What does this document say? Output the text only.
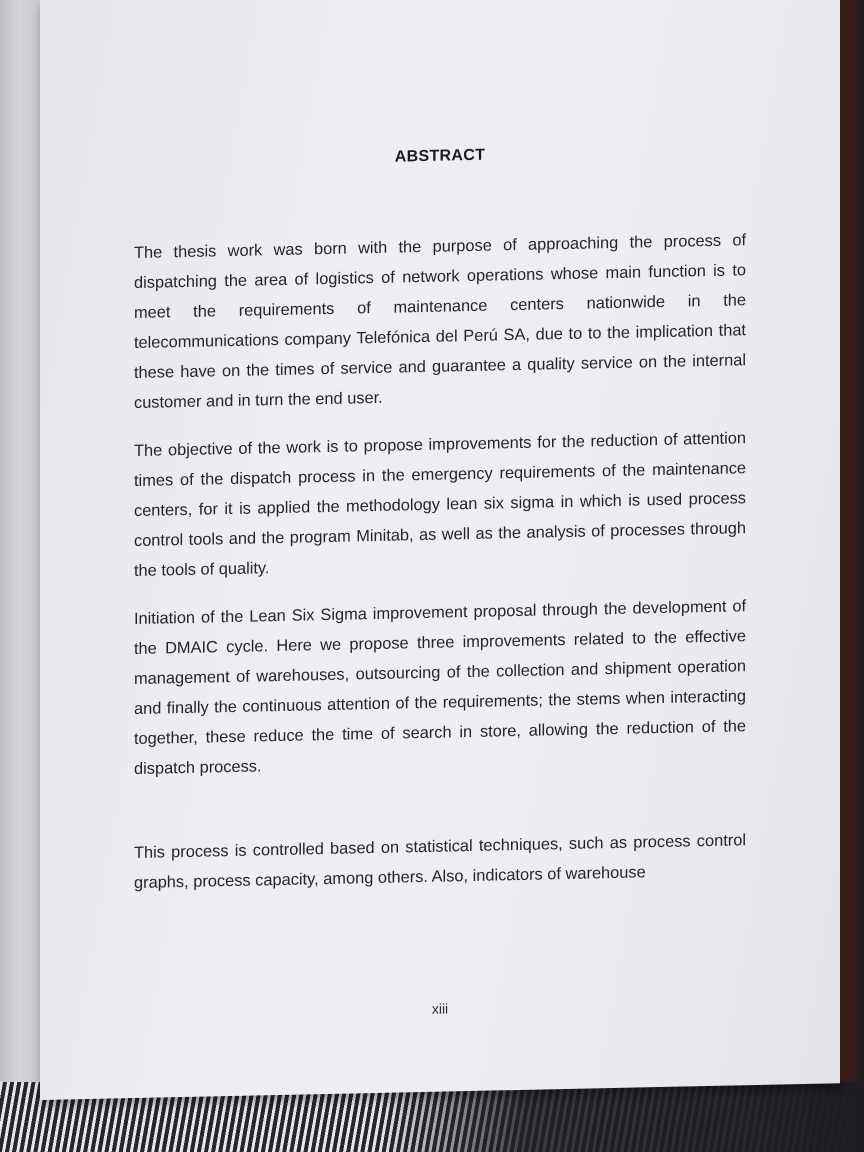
ABSTRACT

The thesis work was born with the purpose of approaching the process of dispatching the area of logistics of network operations whose main function is to meet the requirements of maintenance centers nationwide in the telecommunications company Telefónica del Perú SA, due to to the implication that these have on the times of service and guarantee a quality service on the internal customer and in turn the end user.

The objective of the work is to propose improvements for the reduction of attention times of the dispatch process in the emergency requirements of the maintenance centers, for it is applied the methodology lean six sigma in which is used process control tools and the program Minitab, as well as the analysis of processes through the tools of quality.

Initiation of the Lean Six Sigma improvement proposal through the development of the DMAIC cycle. Here we propose three improvements related to the effective management of warehouses, outsourcing of the collection and shipment operation and finally the continuous attention of the requirements; the stems when interacting together, these reduce the time of search in store, allowing the reduction of the dispatch process.

This process is controlled based on statistical techniques, such as process control graphs, process capacity, among others. Also, indicators of warehouse

xiii
